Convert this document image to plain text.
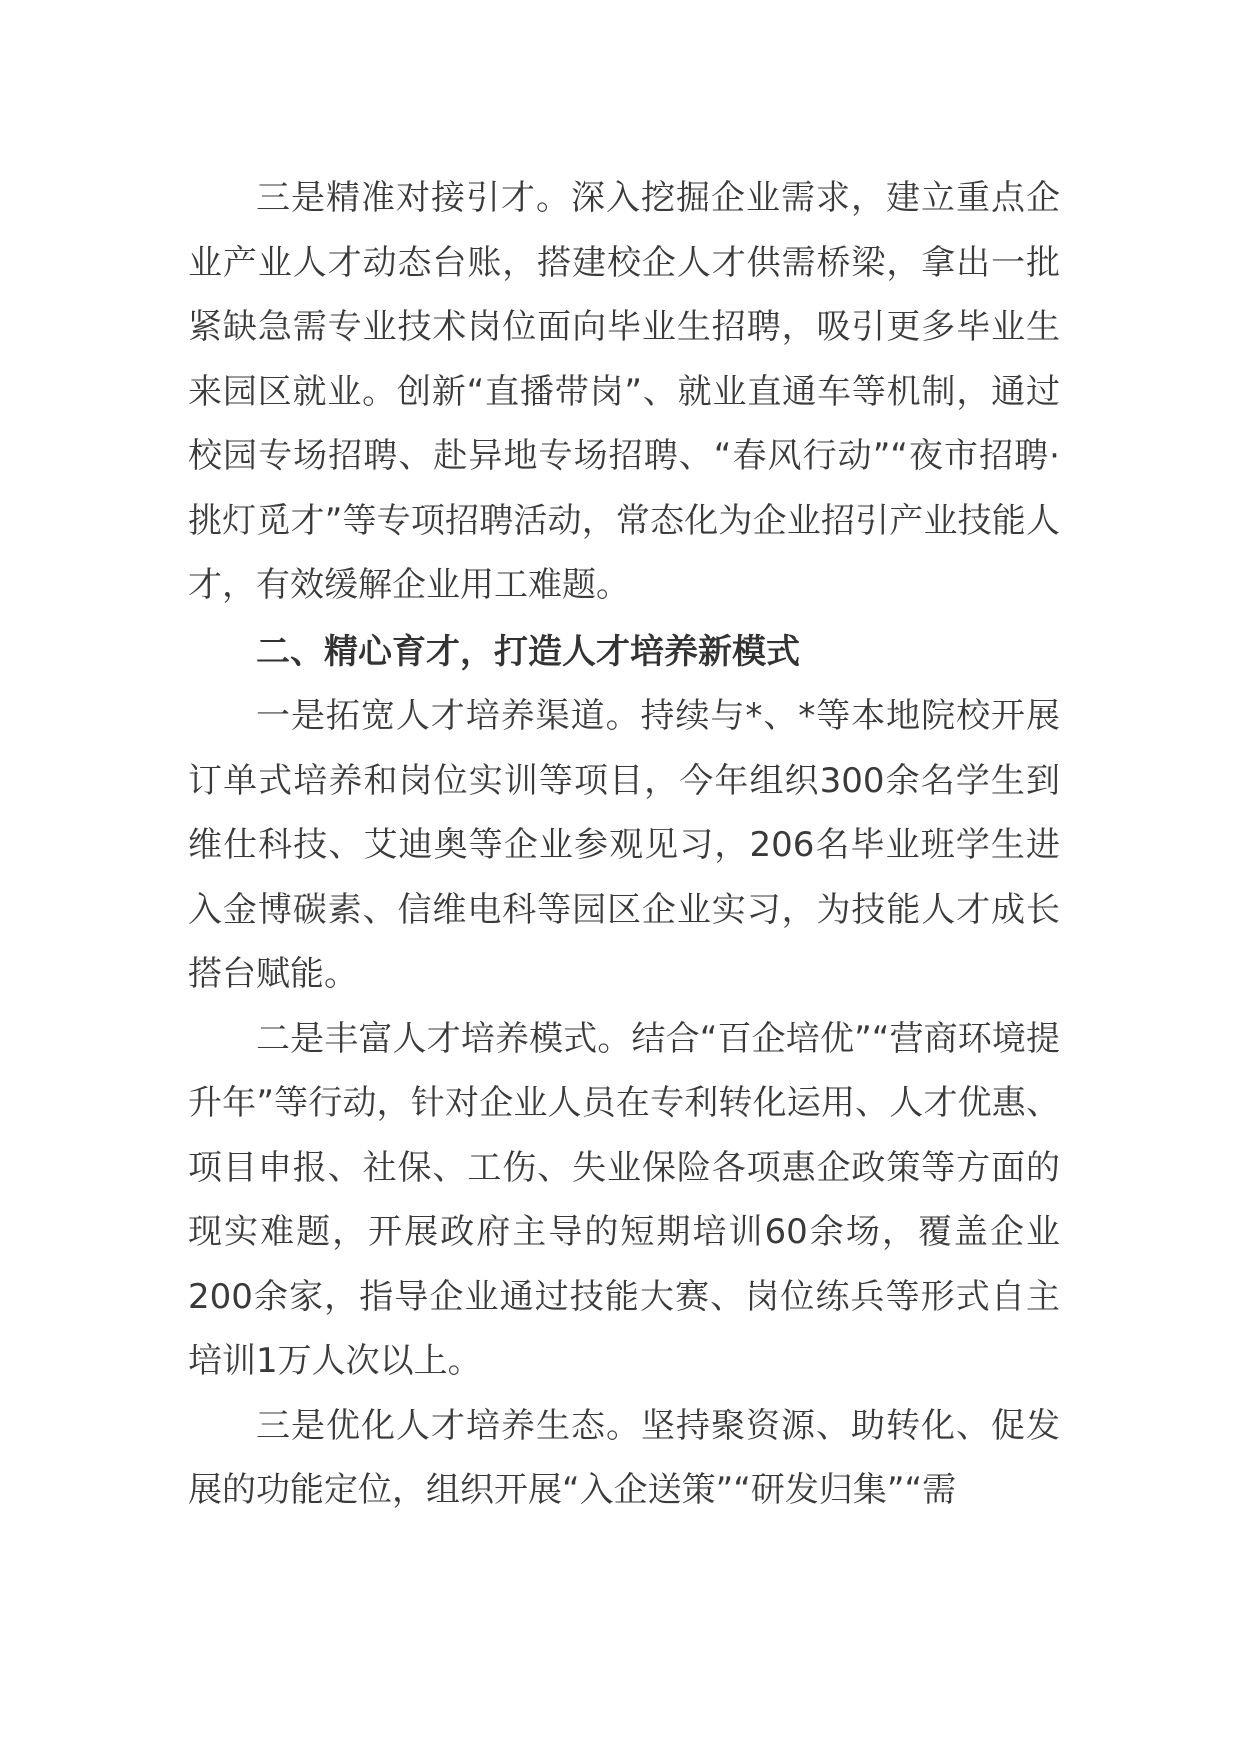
三是精准对接引才。深入挖掘企业需求，建立重点企业产业人才动态台账，搭建校企人才供需桥梁，拿出一批紧缺急需专业技术岗位面向毕业生招聘，吸引更多毕业生来园区就业。创新“直播带岗”、就业直通车等机制，通过校园专场招聘、赴异地专场招聘、“春风行动”“夜市招聘·挑灯觅才”等专项招聘活动，常态化为企业招引产业技能人才，有效缓解企业用工难题。

二、精心育才，打造人才培养新模式

一是拓宽人才培养渠道。持续与*、*等本地院校开展订单式培养和岗位实训等项目，今年组织300余名学生到维仕科技、艾迪奥等企业参观见习，206名毕业班学生进入金博碳素、信维电科等园区企业实习，为技能人才成长搭台赋能。

二是丰富人才培养模式。结合“百企培优”“营商环境提升年”等行动，针对企业人员在专利转化运用、人才优惠、项目申报、社保、工伤、失业保险各项惠企政策等方面的现实难题，开展政府主导的短期培训60余场，覆盖企业200余家，指导企业通过技能大赛、岗位练兵等形式自主培训1万人次以上。

三是优化人才培养生态。坚持聚资源、助转化、促发展的功能定位，组织开展“入企送策”“研发归集”“需
